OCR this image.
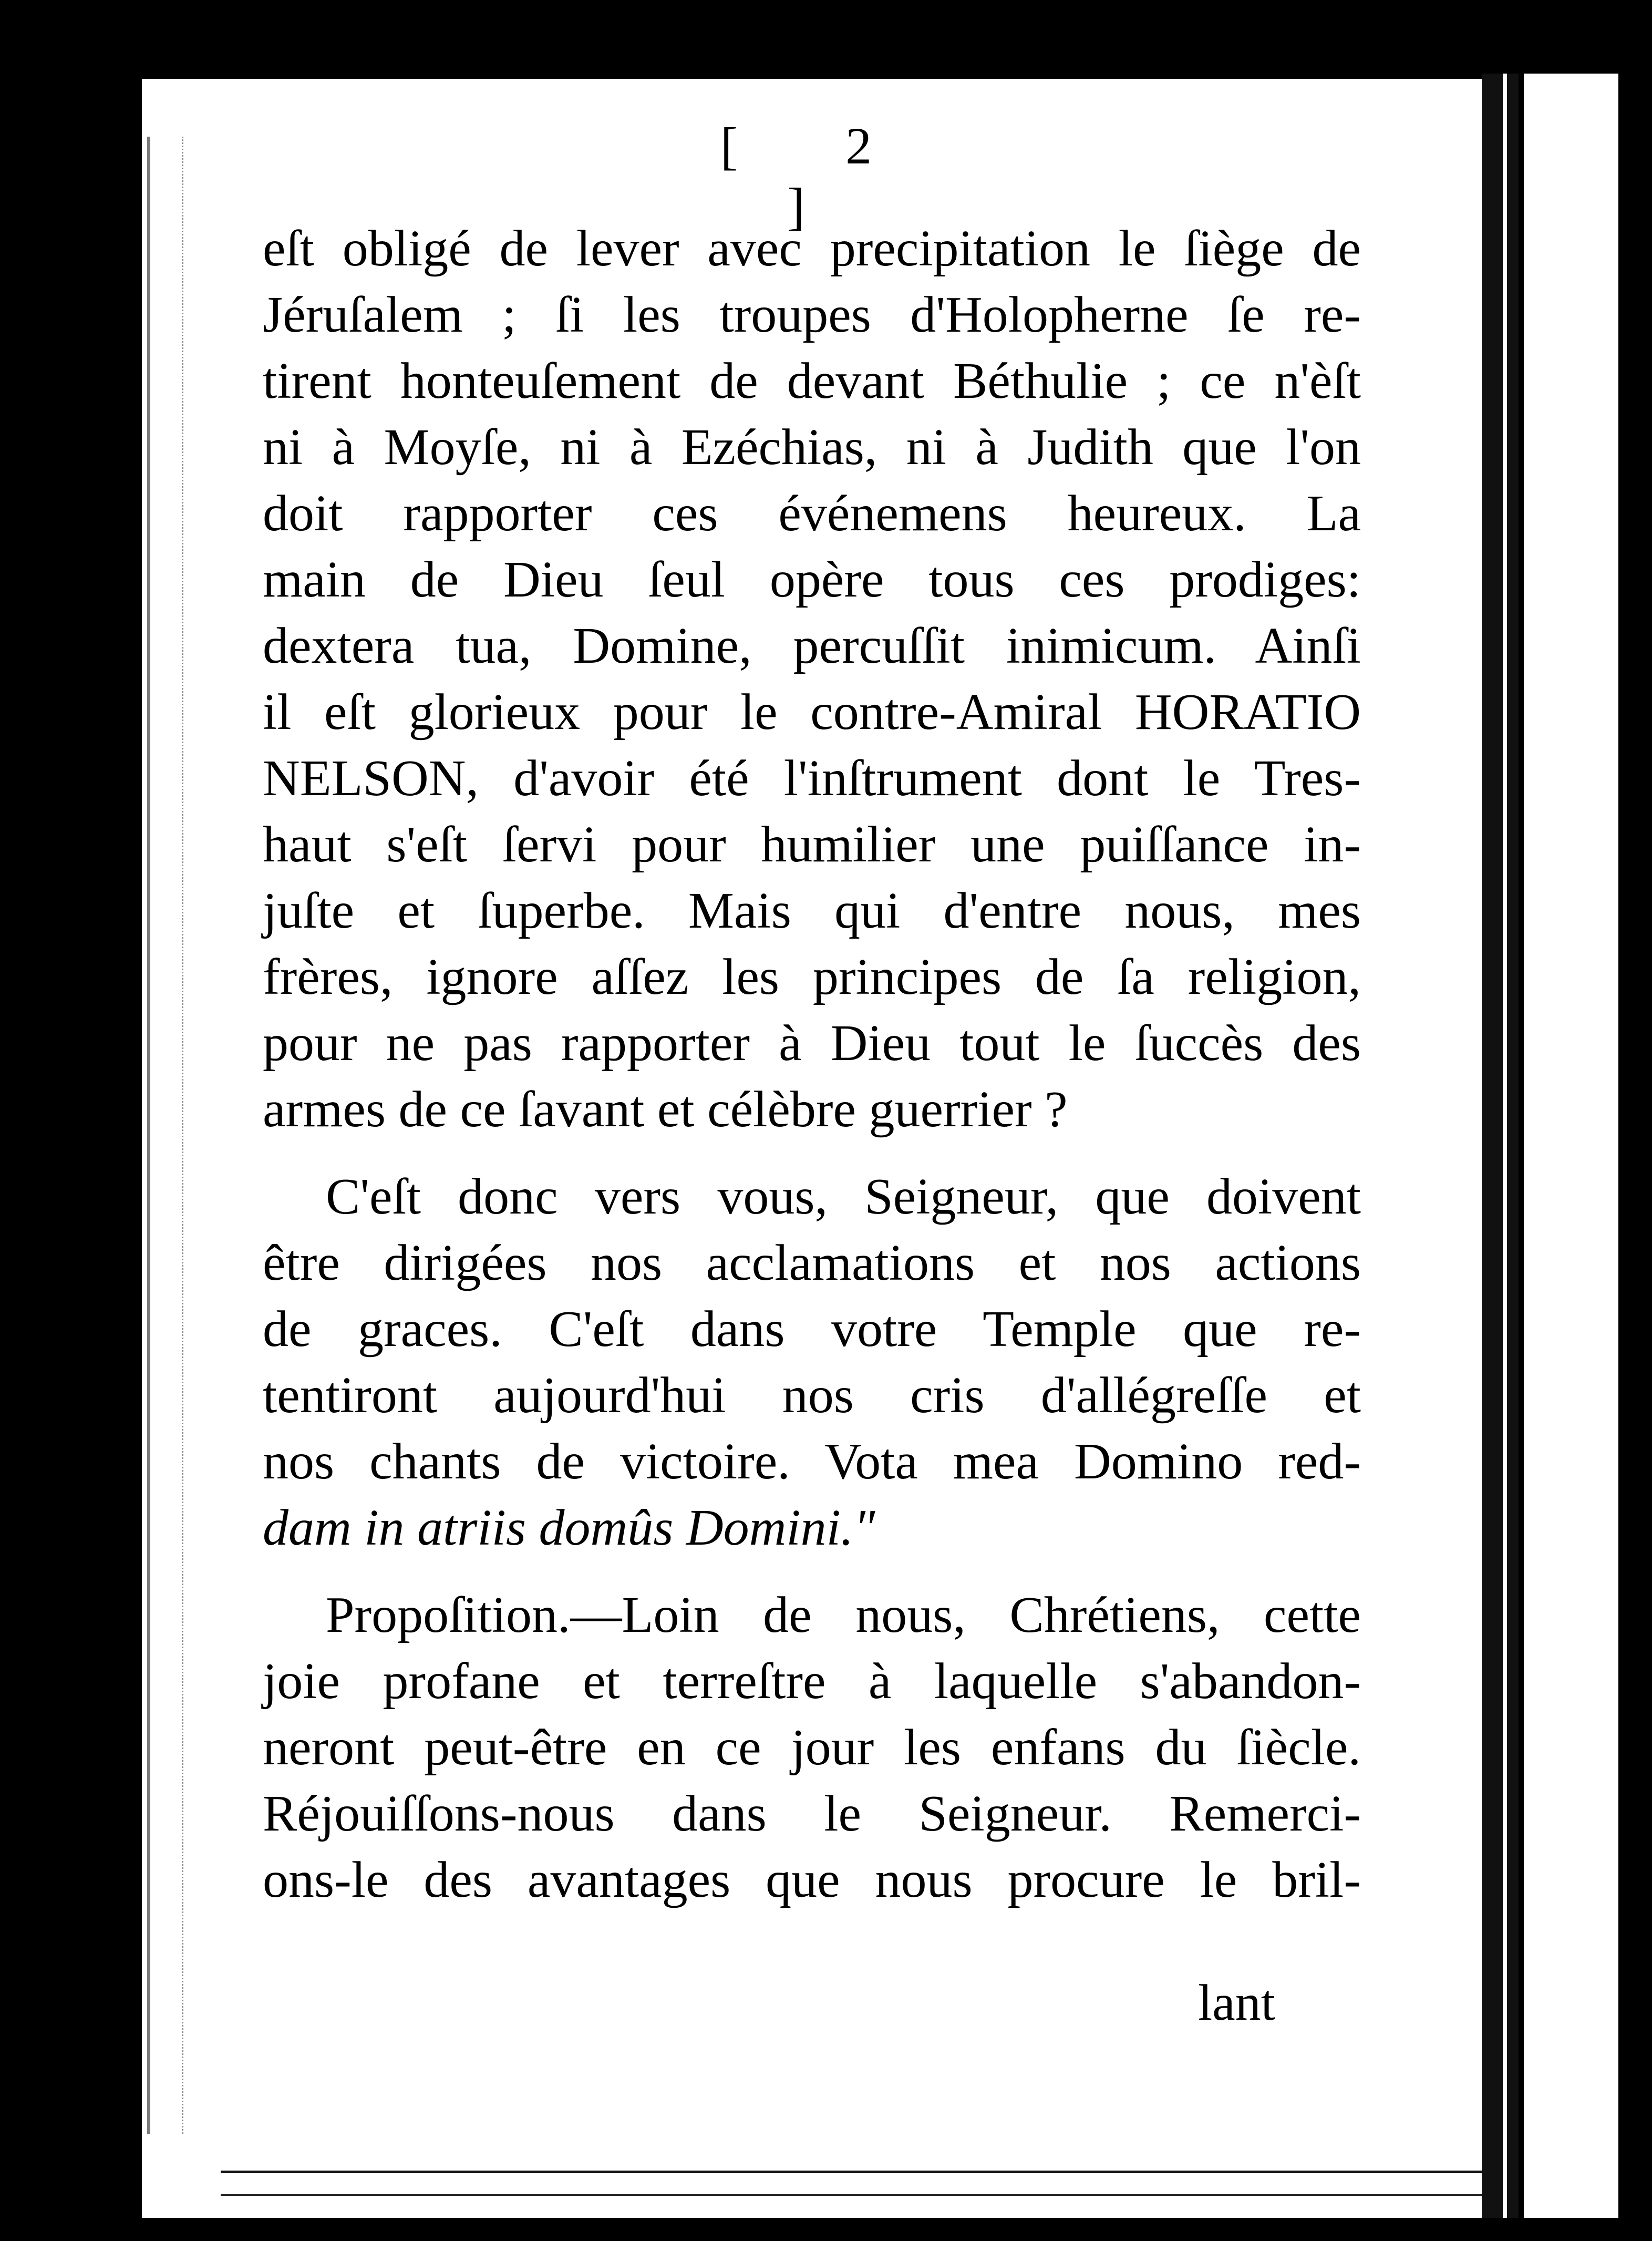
[ 2 ]

eſt obligé de lever avec precipitation le ſiège de
Jéruſalem ; ſi les troupes d'Holopherne ſe re-
tirent honteuſement de devant Béthulie ; ce n'èſt
ni à Moyſe, ni à Ezéchias, ni à Judith que l'on
doit rapporter ces événemens heureux. La
main de Dieu ſeul opère tous ces prodiges:
dextera tua, Domine, percuſſit inimicum. Ainſi
il eſt glorieux pour le contre-Amiral HORATIO
NELSON, d'avoir été l'inſtrument dont le Tres-
haut s'eſt ſervi pour humilier une puiſſance in-
juſte et ſuperbe. Mais qui d'entre nous, mes
frères, ignore aſſez les principes de ſa religion,
pour ne pas rapporter à Dieu tout le ſuccès des
armes de ce ſavant et célèbre guerrier ?

C'eſt donc vers vous, Seigneur, que doivent
être dirigées nos acclamations et nos actions
de graces. C'eſt dans votre Temple que re-
tentiront aujourd'hui nos cris d'allégreſſe et
nos chants de victoire. Vota mea Domino red-
dam in atriis domûs Domini."

Propoſition.—Loin de nous, Chrétiens, cette
joie profane et terreſtre à laquelle s'abandon-
neront peut-être en ce jour les enfans du ſiècle.
Réjouiſſons-nous dans le Seigneur. Remerci-
ons-le des avantages que nous procure le bril-

lant
